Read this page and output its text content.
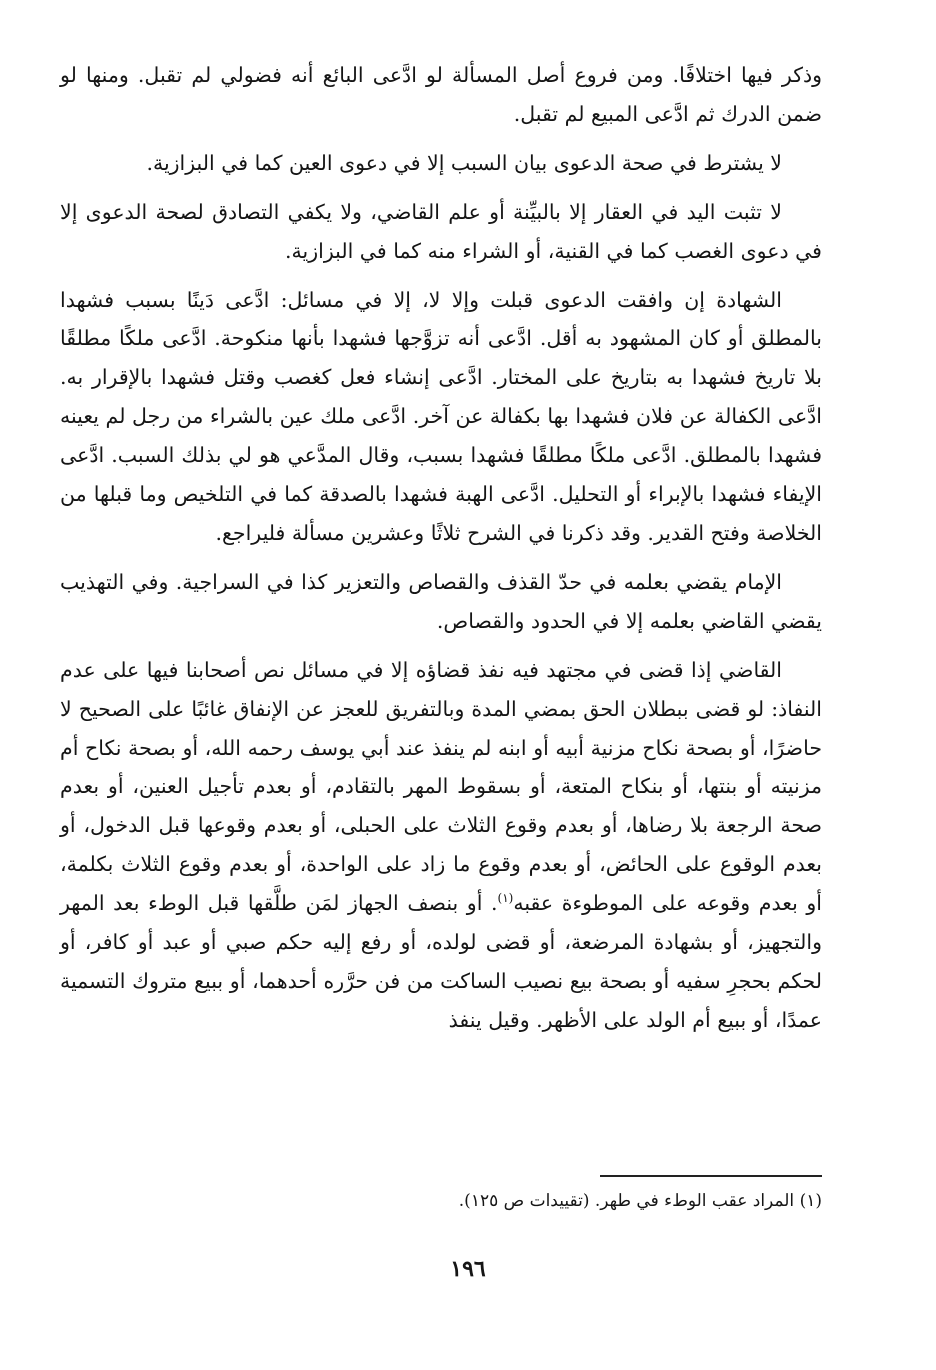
وذكر فيها اختلافًا. ومن فروع أصل المسألة لو ادَّعى البائع أنه فضولي لم تقبل. ومنها لو ضمن الدرك ثم ادَّعى المبيع لم تقبل.

لا يشترط في صحة الدعوى بيان السبب إلا في دعوى العين كما في البزازية.

لا تثبت اليد في العقار إلا بالبيِّنة أو علم القاضي، ولا يكفي التصادق لصحة الدعوى إلا في دعوى الغصب كما في القنية، أو الشراء منه كما في البزازية.

الشهادة إن وافقت الدعوى قبلت وإلا لا، إلا في مسائل: ادَّعى دَينًا بسبب فشهدا بالمطلق أو كان المشهود به أقل. ادَّعى أنه تزوَّجها فشهدا بأنها منكوحة. ادَّعى ملكًا مطلقًا بلا تاريخ فشهدا به بتاريخ على المختار. ادَّعى إنشاء فعل كغصب وقتل فشهدا بالإقرار به. ادَّعى الكفالة عن فلان فشهدا بها بكفالة عن آخر. ادَّعى ملك عين بالشراء من رجل لم يعينه فشهدا بالمطلق. ادَّعى ملكًا مطلقًا فشهدا بسبب، وقال المدَّعي هو لي بذلك السبب. ادَّعى الإيفاء فشهدا بالإبراء أو التحليل. ادَّعى الهبة فشهدا بالصدقة كما في التلخيص وما قبلها من الخلاصة وفتح القدير. وقد ذكرنا في الشرح ثلاثًا وعشرين مسألة فليراجع.

الإمام يقضي بعلمه في حدّ القذف والقصاص والتعزير كذا في السراجية. وفي التهذيب يقضي القاضي بعلمه إلا في الحدود والقصاص.

القاضي إذا قضى في مجتهد فيه نفذ قضاؤه إلا في مسائل نص أصحابنا فيها على عدم النفاذ: لو قضى ببطلان الحق بمضي المدة وبالتفريق للعجز عن الإنفاق غائبًا على الصحيح لا حاضرًا، أو بصحة نكاح مزنية أبيه أو ابنه لم ينفذ عند أبي يوسف رحمه الله، أو بصحة نكاح أم مزنيته أو بنتها، أو بنكاح المتعة، أو بسقوط المهر بالتقادم، أو بعدم تأجيل العنين، أو بعدم صحة الرجعة بلا رضاها، أو بعدم وقوع الثلاث على الحبلى، أو بعدم وقوعها قبل الدخول، أو بعدم الوقوع على الحائض، أو بعدم وقوع ما زاد على الواحدة، أو بعدم وقوع الثلاث بكلمة، أو بعدم وقوعه على الموطوءة عقبه$^{(١)}$. أو بنصف الجهاز لمَن طلَّقها قبل الوطء بعد المهر والتجهيز، أو بشهادة المرضعة، أو قضى لولده، أو رفع إليه حكم صبي أو عبد أو كافر، أو لحكم بحجرِ سفيه أو بصحة بيع نصيب الساكت من فن حرَّره أحدهما، أو ببيع متروك التسمية عمدًا، أو ببيع أم الولد على الأظهر. وقيل ينفذ

(١) المراد عقب الوطء في طهر. (تقييدات ص ١٢٥).
١٩٦
